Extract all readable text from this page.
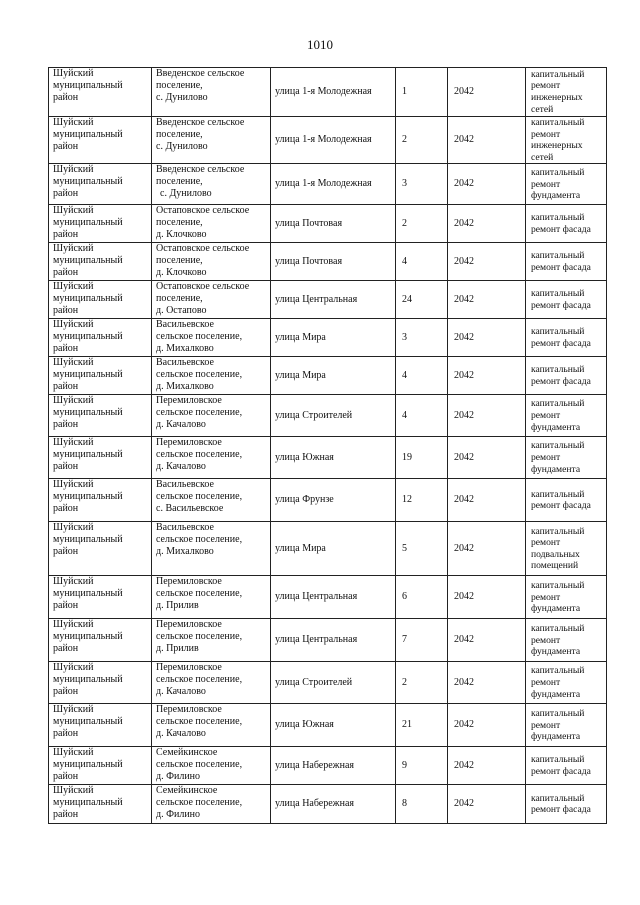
1010
Шуйский
муниципальный
район	Введенское сельское
поселение,
с. Дунилово	улица 1-я Молодежная	1	2042	капитальный
ремонт
инженерных
сетей

Шуйский
муниципальный
район	Введенское сельское
поселение,
с. Дунилово	улица 1-я Молодежная	2	2042	капитальный
ремонт
инженерных
сетей

Шуйский
муниципальный
район	Введенское сельское
поселение,
с. Дунилово	улица 1-я Молодежная	3	2042	капитальный
ремонт
фундамента

Шуйский
муниципальный
район	Остаповское сельское
поселение,
д. Клочково	улица Почтовая	2	2042	капитальный
ремонт фасада

Шуйский
муниципальный
район	Остаповское сельское
поселение,
д. Клочково	улица Почтовая	4	2042	капитальный
ремонт фасада

Шуйский
муниципальный
район	Остаповское сельское
поселение,
д. Остапово	улица Центральная	24	2042	капитальный
ремонт фасада

Шуйский
муниципальный
район	Васильевское
сельское поселение,
д. Михалково	улица Мира	3	2042	капитальный
ремонт фасада

Шуйский
муниципальный
район	Васильевское
сельское поселение,
д. Михалково	улица Мира	4	2042	капитальный
ремонт фасада

Шуйский
муниципальный
район	Перемиловское
сельское поселение,
д. Качалово	улица Строителей	4	2042	капитальный
ремонт
фундамента

Шуйский
муниципальный
район	Перемиловское
сельское поселение,
д. Качалово	улица Южная	19	2042	капитальный
ремонт
фундамента

Шуйский
муниципальный
район	Васильевское
сельское поселение,
с. Васильевское	улица Фрунзе	12	2042	капитальный
ремонт фасада

Шуйский
муниципальный
район	Васильевское
сельское поселение,
д. Михалково	улица Мира	5	2042	капитальный
ремонт
подвальных
помещений

Шуйский
муниципальный
район	Перемиловское
сельское поселение,
д. Прилив	улица Центральная	6	2042	капитальный
ремонт
фундамента

Шуйский
муниципальный
район	Перемиловское
сельское поселение,
д. Прилив	улица Центральная	7	2042	капитальный
ремонт
фундамента

Шуйский
муниципальный
район	Перемиловское
сельское поселение,
д. Качалово	улица Строителей	2	2042	капитальный
ремонт
фундамента

Шуйский
муниципальный
район	Перемиловское
сельское поселение,
д. Качалово	улица Южная	21	2042	капитальный
ремонт
фундамента

Шуйский
муниципальный
район	Семейкинское
сельское поселение,
д. Филино	улица Набережная	9	2042	капитальный
ремонт фасада

Шуйский
муниципальный
район	Семейкинское
сельское поселение,
д. Филино	улица Набережная	8	2042	капитальный
ремонт фасада
